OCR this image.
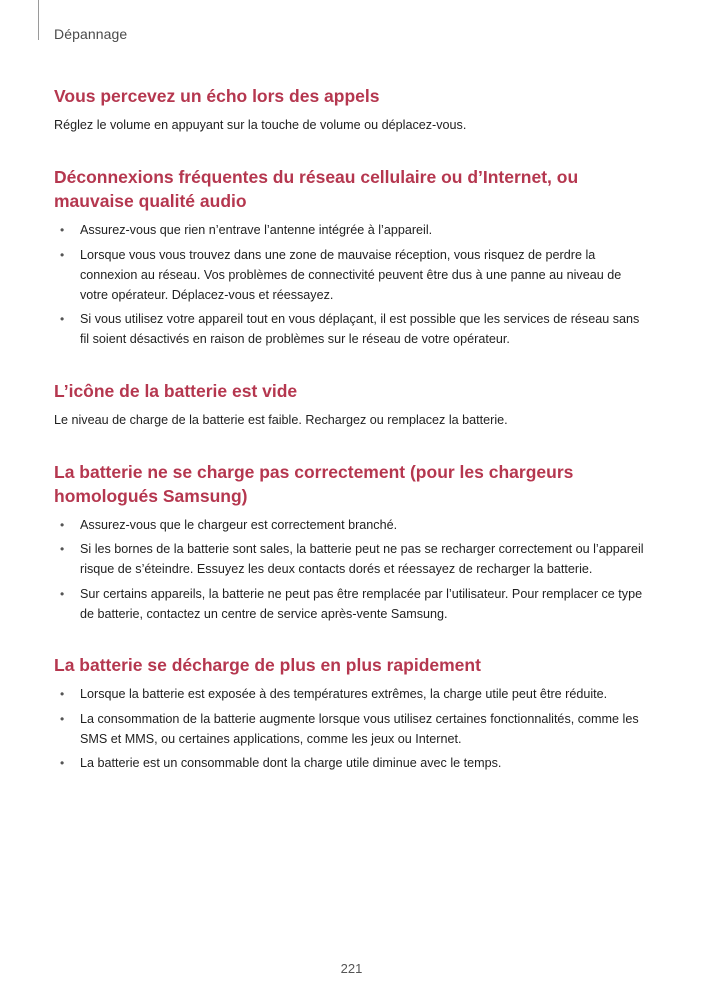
Dépannage
Vous percevez un écho lors des appels

Réglez le volume en appuyant sur la touche de volume ou déplacez-vous.

Déconnexions fréquentes du réseau cellulaire ou d’Internet, ou mauvaise qualité audio
• Assurez-vous que rien n’entrave l’antenne intégrée à l’appareil.
• Lorsque vous vous trouvez dans une zone de mauvaise réception, vous risquez de perdre la connexion au réseau. Vos problèmes de connectivité peuvent être dus à une panne au niveau de votre opérateur. Déplacez-vous et réessayez.
• Si vous utilisez votre appareil tout en vous déplaçant, il est possible que les services de réseau sans fil soient désactivés en raison de problèmes sur le réseau de votre opérateur.
L’icône de la batterie est vide

Le niveau de charge de la batterie est faible. Rechargez ou remplacez la batterie.

La batterie ne se charge pas correctement (pour les chargeurs homologués Samsung)
• Assurez-vous que le chargeur est correctement branché.
• Si les bornes de la batterie sont sales, la batterie peut ne pas se recharger correctement ou l’appareil risque de s’éteindre. Essuyez les deux contacts dorés et réessayez de recharger la batterie.
• Sur certains appareils, la batterie ne peut pas être remplacée par l’utilisateur. Pour remplacer ce type de batterie, contactez un centre de service après-vente Samsung.
La batterie se décharge de plus en plus rapidement
• Lorsque la batterie est exposée à des températures extrêmes, la charge utile peut être réduite.
• La consommation de la batterie augmente lorsque vous utilisez certaines fonctionnalités, comme les SMS et MMS, ou certaines applications, comme les jeux ou Internet.
• La batterie est un consommable dont la charge utile diminue avec le temps.
221
